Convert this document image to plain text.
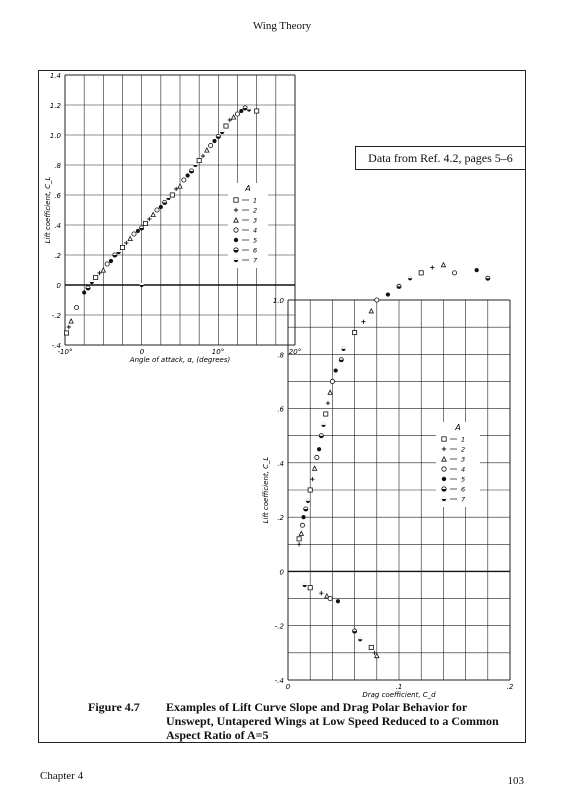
Wing Theory
-.4
-.2
0
.2
.4
.6
.8
1.0
1.2
1.4
-10°	0	10°	20°
Angle of attack, α, (degrees)
Lift coefficient, C_L	A
1
2
3
4
5
6
7
-.4
-.2
0
.2
.4
.6
.8
1.0
0	.1	.2
Drag coefficient, C_d
Lift coefficient, C_L
A
1
2
3
4
5
6
7
Data from Ref. 4.2, pages 5–6
Figure 4.7 Examples of Lift Curve Slope and Drag Polar Behavior for Unswept, Untapered Wings at Low Speed Reduced to a Common Aspect Ratio of A=5
Chapter 4	103
